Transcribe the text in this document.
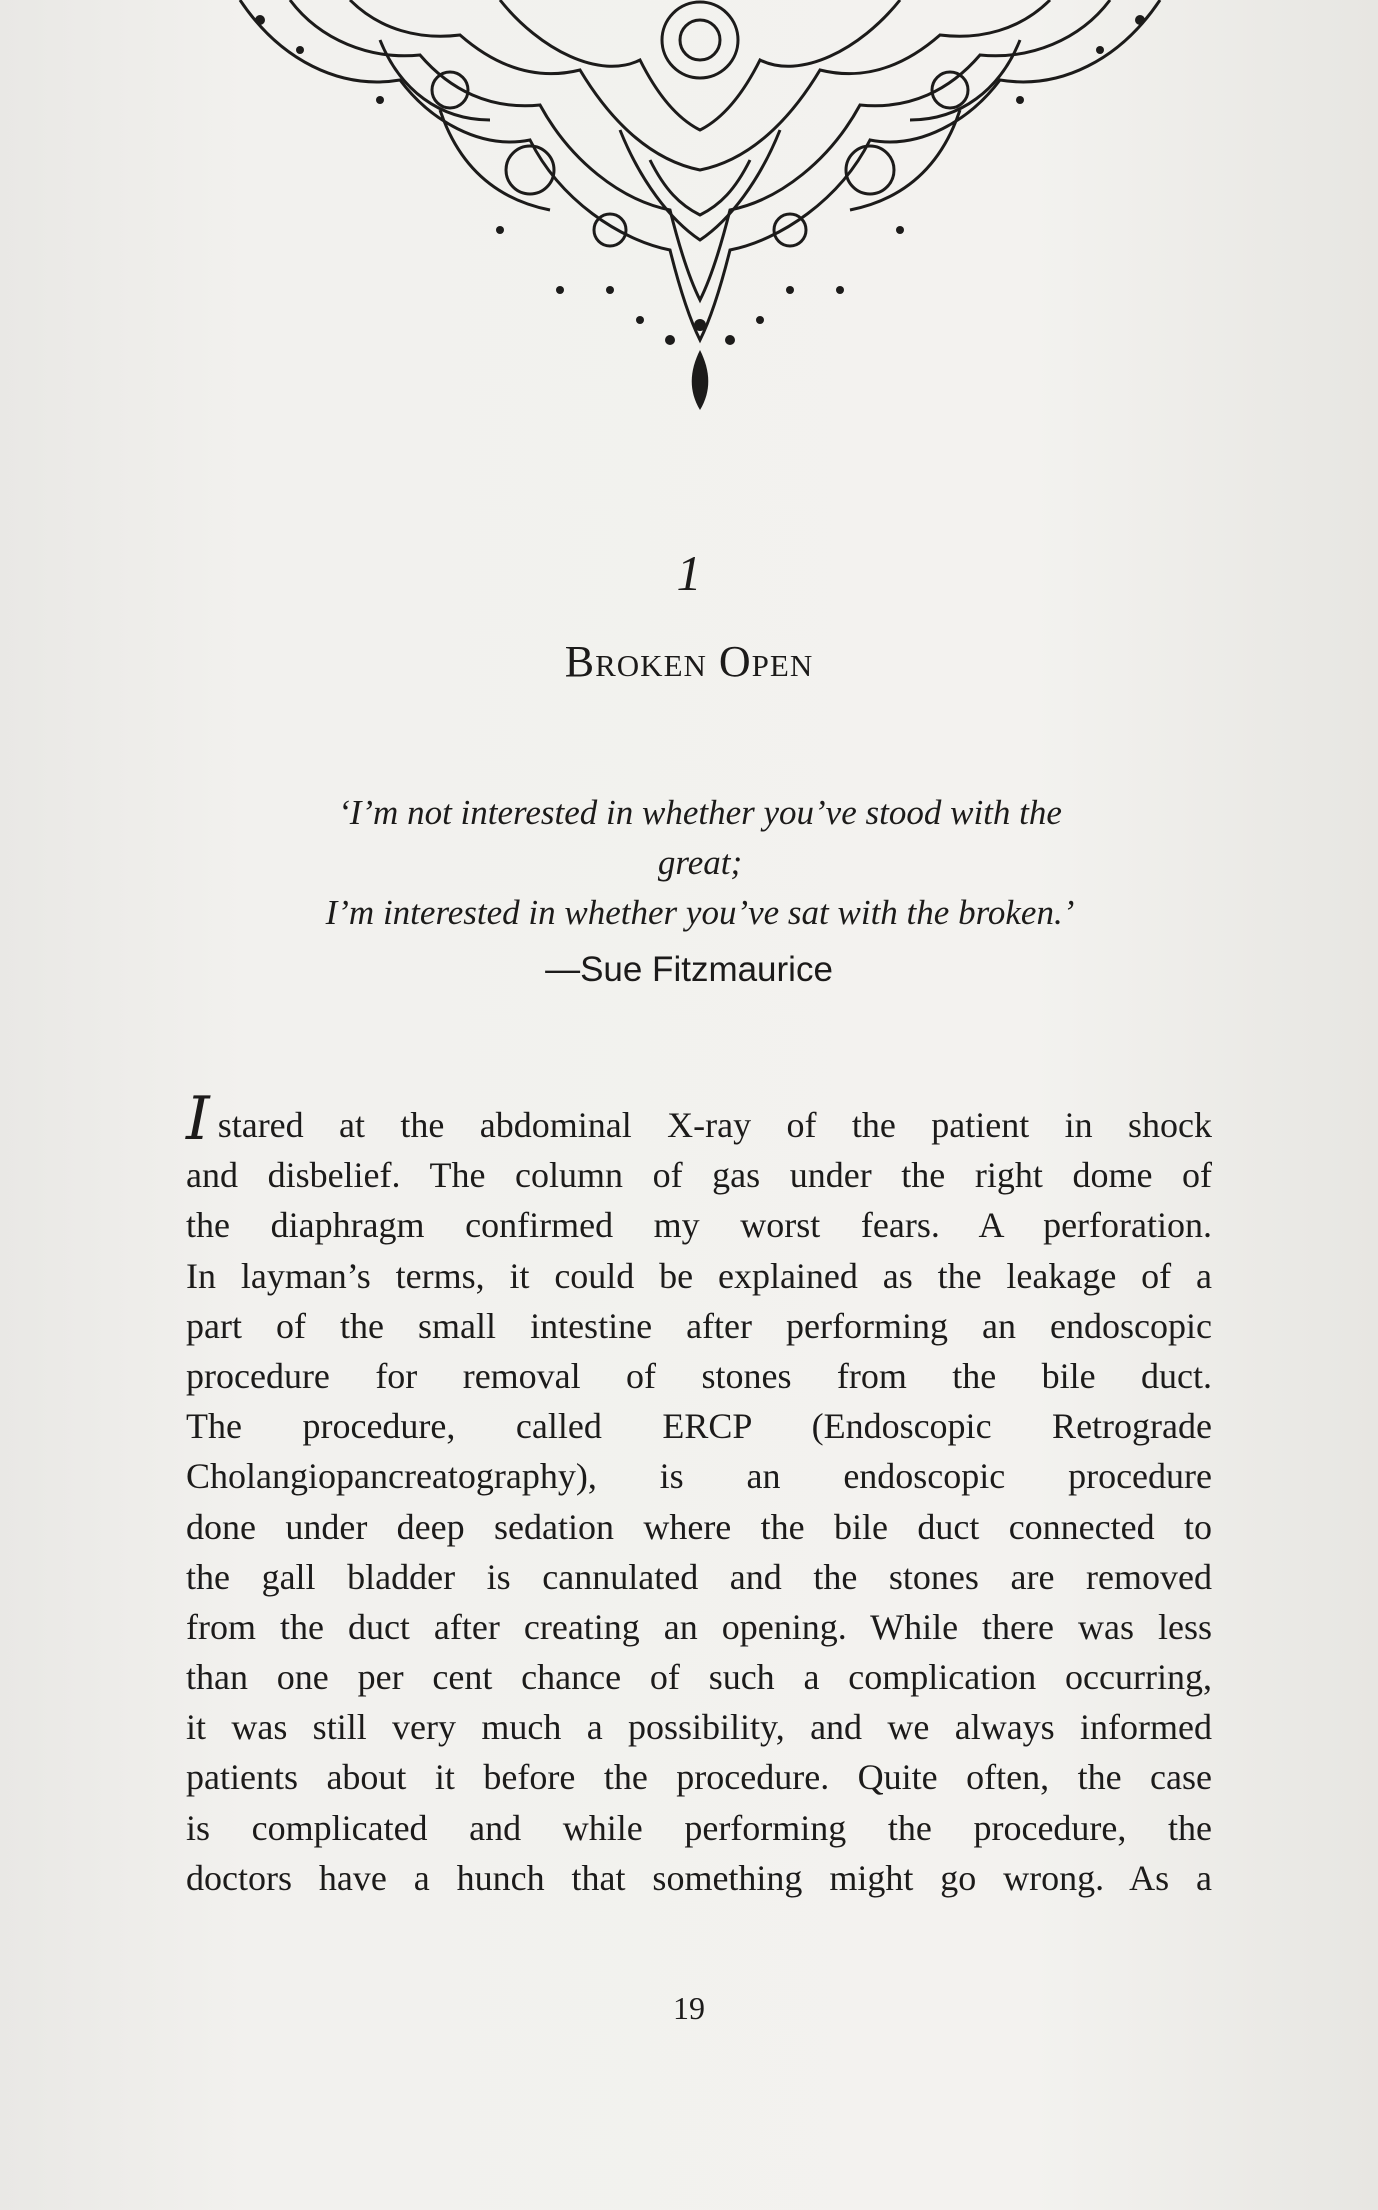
1
Broken Open
‘I’m not interested in whether you’ve stood with the
great;
I’m interested in whether you’ve sat with the broken.’
—Sue Fitzmaurice
Istared at the abdominal X-ray of the patient in shock
and disbelief. The column of gas under the right dome of
the diaphragm confirmed my worst fears. A perforation.
In layman’s terms, it could be explained as the leakage of a
part of the small intestine after performing an endoscopic
procedure for removal of stones from the bile duct.
The procedure, called ERCP (Endoscopic Retrograde
Cholangiopancreatography), is an endoscopic procedure
done under deep sedation where the bile duct connected to
the gall bladder is cannulated and the stones are removed
from the duct after creating an opening. While there was less
than one per cent chance of such a complication occurring,
it was still very much a possibility, and we always informed
patients about it before the procedure. Quite often, the case
is complicated and while performing the procedure, the
doctors have a hunch that something might go wrong. As a
19
